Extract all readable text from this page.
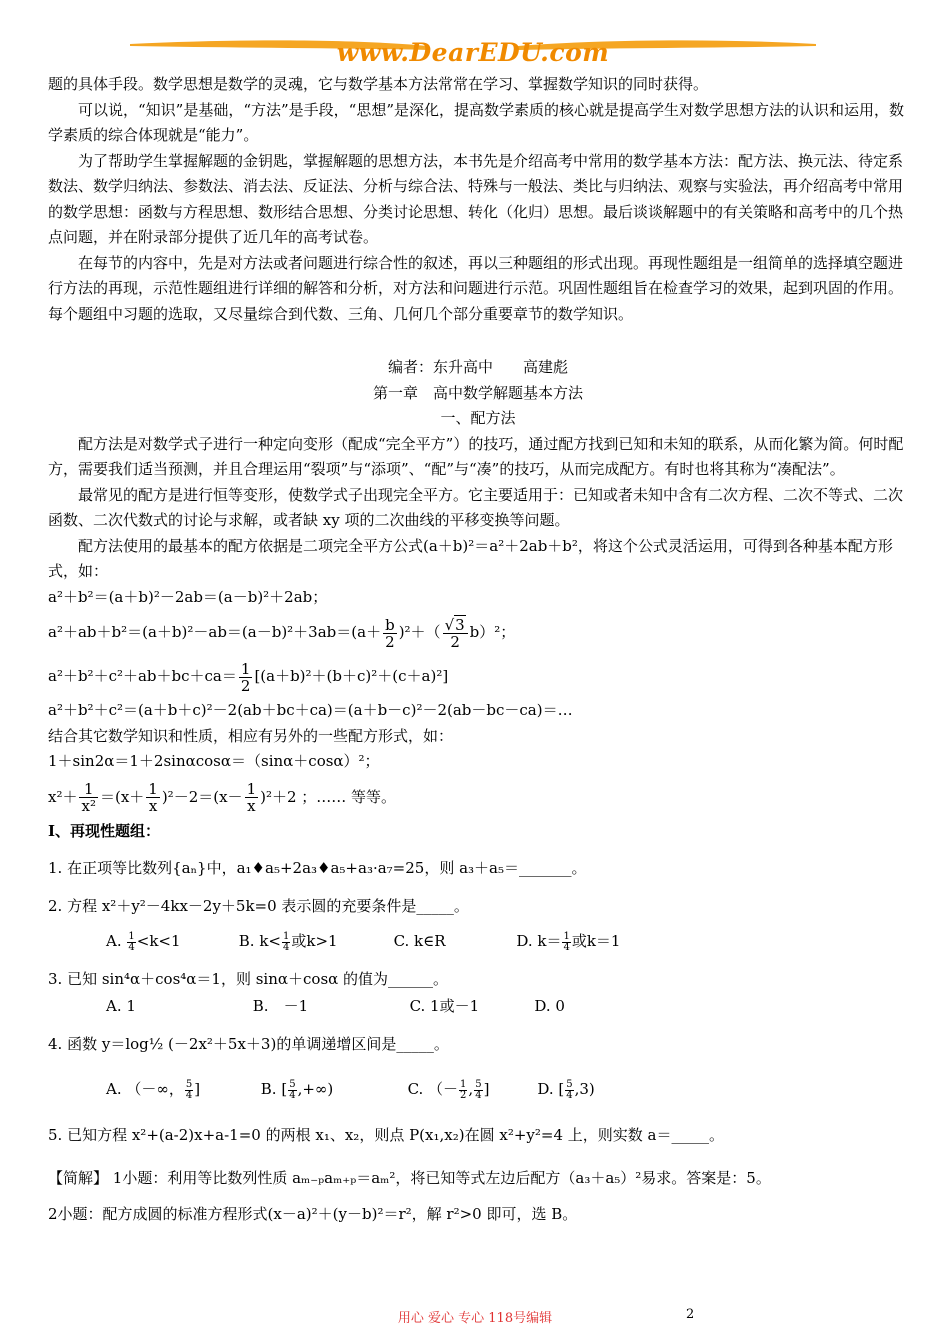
www.DearEDU.com

题的具体手段。数学思想是数学的灵魂，它与数学基本方法常常在学习、掌握数学知识的同时获得。

可以说，“知识”是基础，“方法”是手段，“思想”是深化，提高数学素质的核心就是提高学生对数学思想方法的认识和运用，数学素质的综合体现就是“能力”。

为了帮助学生掌握解题的金钥匙，掌握解题的思想方法，本书先是介绍高考中常用的数学基本方法：配方法、换元法、待定系数法、数学归纳法、参数法、消去法、反证法、分析与综合法、特殊与一般法、类比与归纳法、观察与实验法，再介绍高考中常用的数学思想：函数与方程思想、数形结合思想、分类讨论思想、转化（化归）思想。最后谈谈解题中的有关策略和高考中的几个热点问题，并在附录部分提供了近几年的高考试卷。

在每节的内容中，先是对方法或者问题进行综合性的叙述，再以三种题组的形式出现。再现性题组是一组简单的选择填空题进行方法的再现，示范性题组进行详细的解答和分析，对方法和问题进行示范。巩固性题组旨在检查学习的效果，起到巩固的作用。每个题组中习题的选取，又尽量综合到代数、三角、几何几个部分重要章节的数学知识。

编者：东升高中　　高建彪

第一章　高中数学解题基本方法

一、配方法

配方法是对数学式子进行一种定向变形（配成“完全平方”）的技巧，通过配方找到已知和未知的联系，从而化繁为简。何时配方，需要我们适当预测，并且合理运用“裂项”与“添项”、“配”与“凑”的技巧，从而完成配方。有时也将其称为“凑配法”。

最常见的配方是进行恒等变形，使数学式子出现完全平方。它主要适用于：已知或者未知中含有二次方程、二次不等式、二次函数、二次代数式的讨论与求解，或者缺 xy 项的二次曲线的平移变换等问题。

配方法使用的最基本的配方依据是二项完全平方公式(a＋b)²＝a²＋2ab＋b²，将这个公式灵活运用，可得到各种基本配方形式，如：

a²＋b²＝(a＋b)²－2ab＝(a－b)²＋2ab；

$a^2+ab+b^2=(a+b)^2-ab=(a-b)^2+3ab=(a+ \frac{b}{2} )^2+( \frac{√3}{2} b)^2$；
$a^2+b^2+c^2+ab+bc+ca= \frac{1}{2} [(a+b)^2+(b+c)^2+(c+a)^2]$

a²＋b²＋c²＝(a＋b＋c)²－2(ab＋bc＋ca)＝(a＋b－c)²－2(ab－bc－ca)＝…

结合其它数学知识和性质，相应有另外的一些配方形式，如：

1＋sin2α＝1＋2sinαcosα＝（sinα＋cosα）²；

$x^2+ \frac{1}{\text{x²}} =(x+ \frac{1}{x} )^2-2=(x- \frac{1}{x} )^2+2$ ；…… 等等。

Ⅰ、再现性题组：

1. 在正项等比数列{aₙ}中，a₁♦a₅+2a₃♦a₅+a₃·a₇=25，则 a₃＋a₅＝_______。

2. 方程 x²＋y²－4kx－2y＋5k=0 表示圆的充要条件是_____。

A. $\frac{1}{4} <k<1$	B. $k< \frac{1}{4}$ 或k>1	C. k∈R	D. $k= \frac{1}{4}$ 或k＝1

3. 已知 sin⁴α＋cos⁴α＝1，则 sinα＋cosα 的值为______。

A. 1	B.　－1	C. 1或－1	D. 0

4. 函数 y＝log½ (－2x²＋5x＋3)的单调递增区间是_____。

A. （－∞， $\frac{5}{4}$ ]	B. [ $\frac{5}{4}$ ,+∞)	C. （－ $\frac{1}{2}$ , $\frac{5}{4}$ ]	D. [ $\frac{5}{4} ,3$)

5. 已知方程 x²+(a-2)x+a-1=0 的两根 x₁、x₂，则点 P(x₁,x₂)在圆 x²+y²=4 上，则实数 a＝_____。

【简解】 1小题：利用等比数列性质 aₘ₋ₚaₘ₊ₚ＝aₘ²，将已知等式左边后配方（a₃＋a₅）²易求。答案是：5。

2小题：配方成圆的标准方程形式(x－a)²＋(y－b)²＝r²，解 r²>0 即可，选 B。

用心 爱心 专心 118号编辑	2
